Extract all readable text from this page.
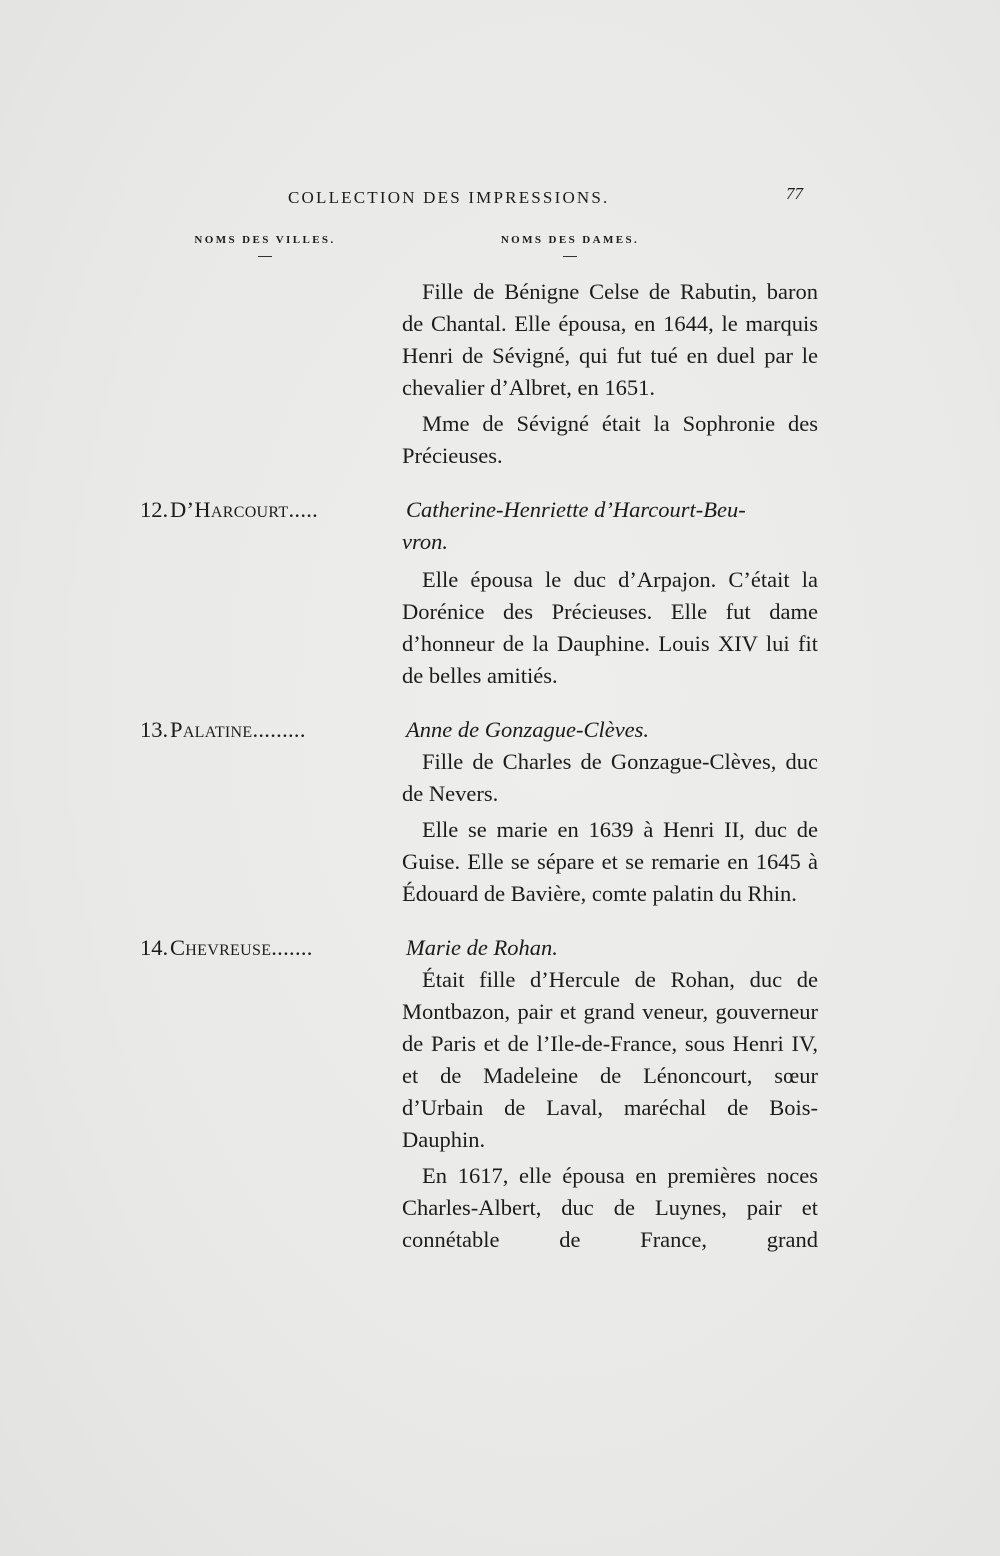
COLLECTION DES IMPRESSIONS.	77
NOMS DES VILLES.	NOMS DES DAMES.

Fille de Bénigne Celse de Rabutin, baron de Chantal. Elle épousa, en 1644, le marquis Henri de Sévigné, qui fut tué en duel par le chevalier d’Albret, en 1651.

Mme de Sévigné était la Sophronie des Précieuses.

12. D’Harcourt.....	Catherine-Henriette d’Harcourt-Beu-
vron.

Elle épousa le duc d’Arpajon. C’était la Dorénice des Précieuses. Elle fut dame d’honneur de la Dauphine. Louis XIV lui fit de belles amitiés.

13. Palatine.........	Anne de Gonzague-Clèves.

Fille de Charles de Gonzague-Clèves, duc de Nevers.

Elle se marie en 1639 à Henri II, duc de Guise. Elle se sépare et se remarie en 1645 à Édouard de Bavière, comte palatin du Rhin.

14. Chevreuse.......	Marie de Rohan.

Était fille d’Hercule de Rohan, duc de Montbazon, pair et grand veneur, gouverneur de Paris et de l’Ile-de-France, sous Henri IV, et de Madeleine de Lénoncourt, sœur d’Urbain de Laval, maréchal de Bois-Dauphin.

En 1617, elle épousa en premières noces Charles-Albert, duc de Luynes, pair et connétable de France, grand
